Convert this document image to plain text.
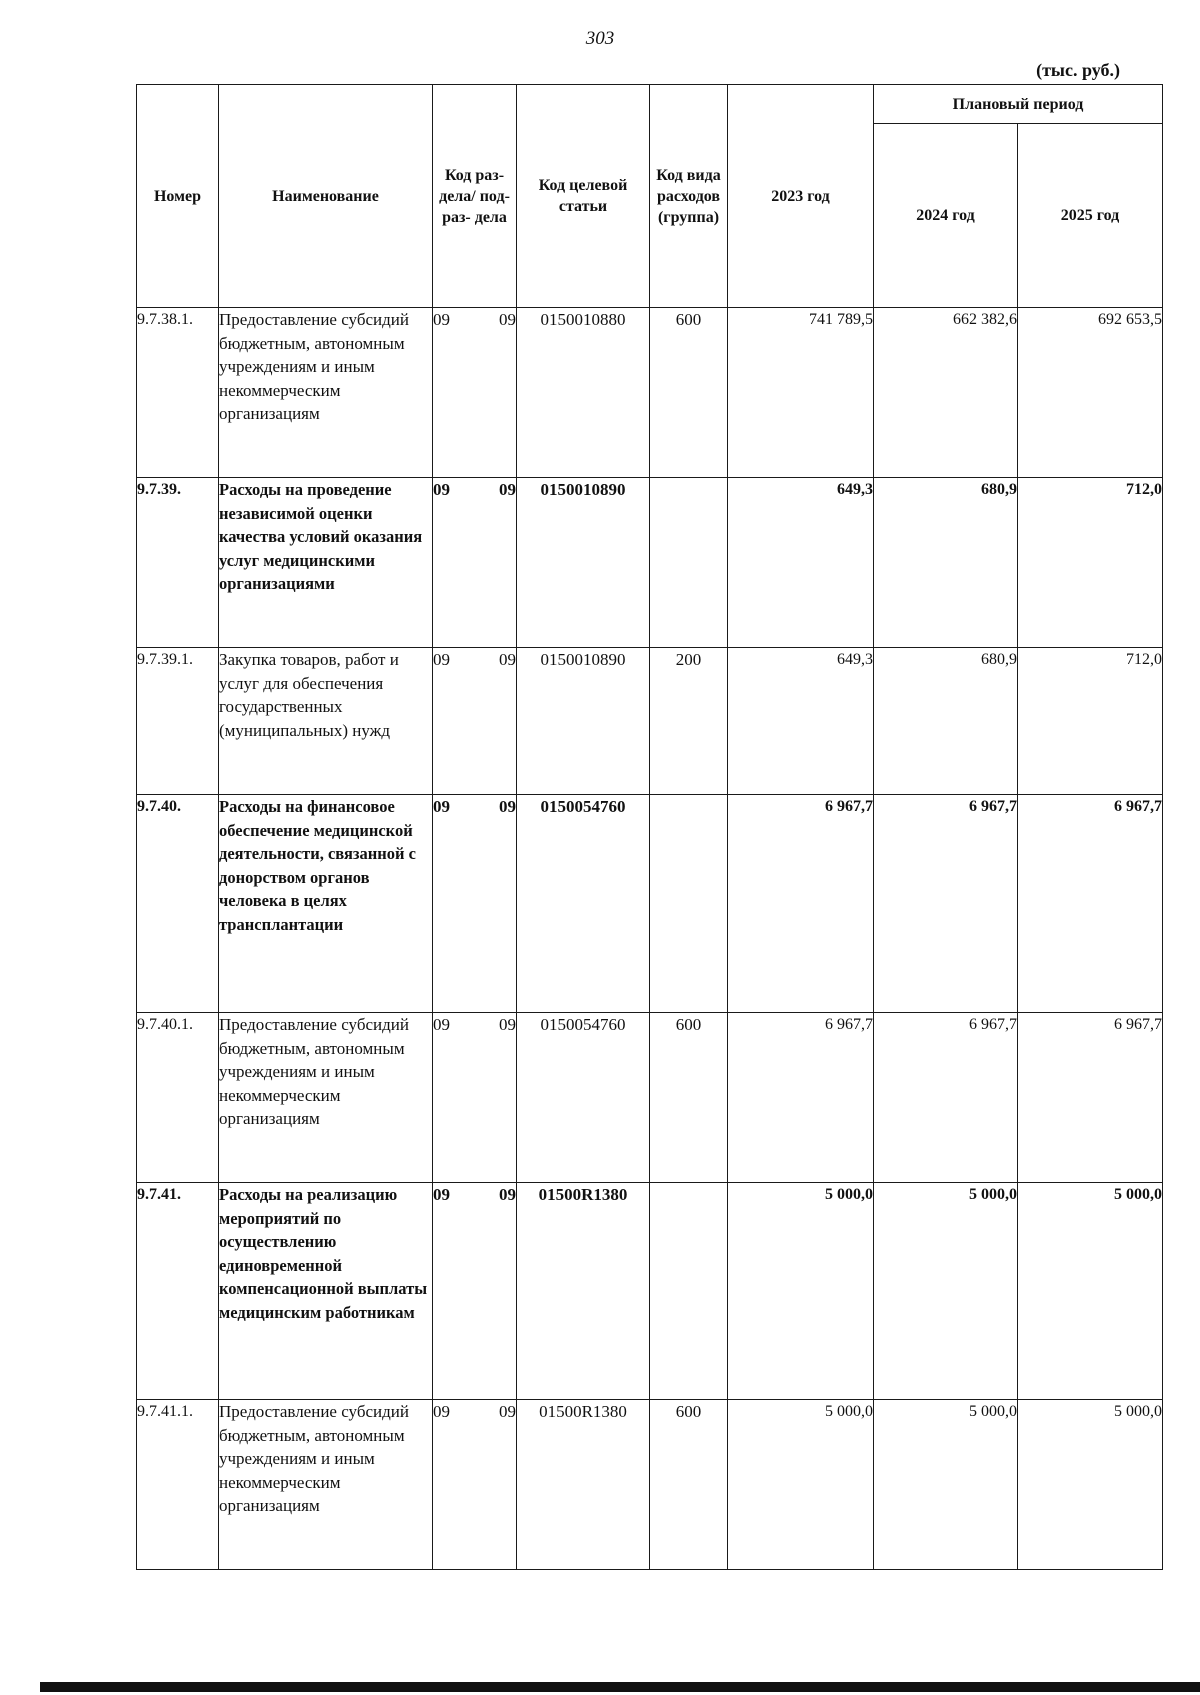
303
(тыс. руб.)
Номер	Наименование	Код раз- дела/ под- раз- дела	Код целевой статьи	Код вида расходов (группа)	2023 год	Плановый период	
						2024 год	2025 год
9.7.38.1.	Предоставление субсидий бюджетным, автономным учреждениям и иным некоммерческим организациям	09 09	0150010880	600	741 789,5	662 382,6	692 653,5
9.7.39.	Расходы на проведение независимой оценки качества условий оказания услуг медицинскими организациями	09 09	0150010890		649,3	680,9	712,0
9.7.39.1.	Закупка товаров, работ и услуг для обеспечения государственных (муниципальных) нужд	09 09	0150010890	200	649,3	680,9	712,0
9.7.40.	Расходы на финансовое обеспечение медицинской деятельности, связанной с донорством органов человека в целях трансплантации	09 09	0150054760		6 967,7	6 967,7	6 967,7
9.7.40.1.	Предоставление субсидий бюджетным, автономным учреждениям и иным некоммерческим организациям	09 09	0150054760	600	6 967,7	6 967,7	6 967,7
9.7.41.	Расходы на реализацию мероприятий по осуществлению единовременной компенсационной выплаты медицинским работникам	09 09	01500R1380		5 000,0	5 000,0	5 000,0
9.7.41.1.	Предоставление субсидий бюджетным, автономным учреждениям и иным некоммерческим организациям	09 09	01500R1380	600	5 000,0	5 000,0	5 000,0
